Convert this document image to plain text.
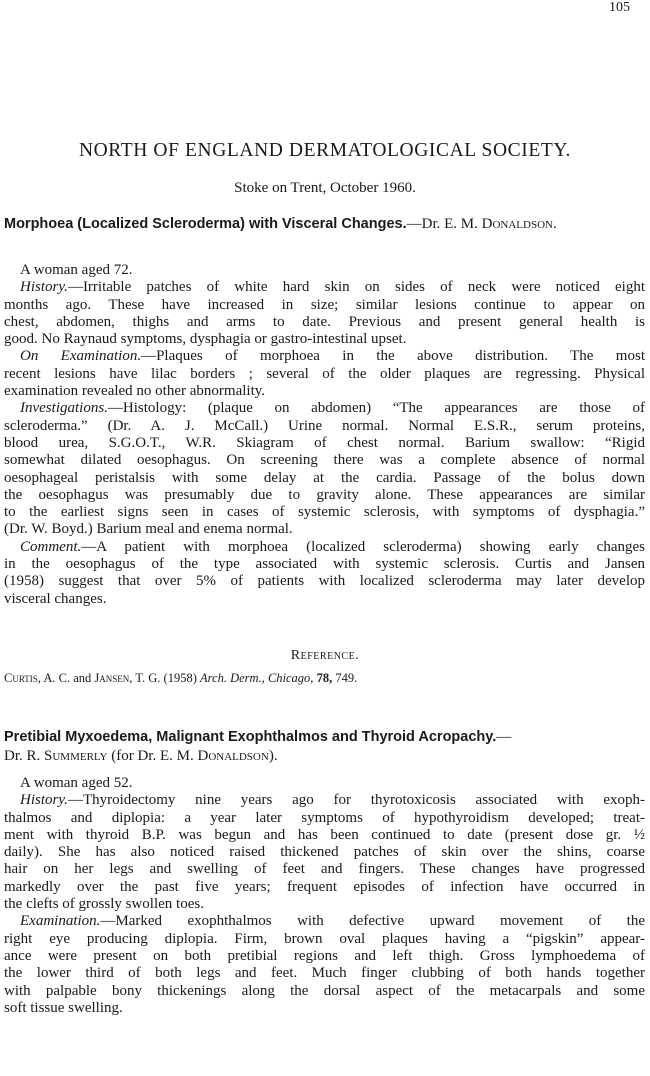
105
NORTH OF ENGLAND DERMATOLOGICAL SOCIETY.
Stoke on Trent, October 1960.
Morphoea (Localized Scleroderma) with Visceral Changes.—Dr. E. M. Donaldson.
A woman aged 72.
History.—Irritable patches of white hard skin on sides of neck were noticed eight
months ago. These have increased in size; similar lesions continue to appear on
chest, abdomen, thighs and arms to date. Previous and present general health is
good. No Raynaud symptoms, dysphagia or gastro-intestinal upset.
On Examination.—Plaques of morphoea in the above distribution. The most
recent lesions have lilac borders ; several of the older plaques are regressing. Physical
examination revealed no other abnormality.
Investigations.—Histology: (plaque on abdomen) “The appearances are those of
scleroderma.” (Dr. A. J. McCall.) Urine normal. Normal E.S.R., serum proteins,
blood urea, S.G.O.T., W.R. Skiagram of chest normal. Barium swallow: “Rigid
somewhat dilated oesophagus. On screening there was a complete absence of normal
oesophageal peristalsis with some delay at the cardia. Passage of the bolus down
the oesophagus was presumably due to gravity alone. These appearances are similar
to the earliest signs seen in cases of systemic sclerosis, with symptoms of dysphagia.”
(Dr. W. Boyd.) Barium meal and enema normal.
Comment.—A patient with morphoea (localized scleroderma) showing early changes
in the oesophagus of the type associated with systemic sclerosis. Curtis and Jansen
(1958) suggest that over 5% of patients with localized scleroderma may later develop
visceral changes.
Reference.
Curtis, A. C. and Jansen, T. G. (1958) Arch. Derm., Chicago, 78, 749.
Pretibial Myxoedema, Malignant Exophthalmos and Thyroid Acropachy.—
Dr. R. Summerly (for Dr. E. M. Donaldson).
A woman aged 52.
History.—Thyroidectomy nine years ago for thyrotoxicosis associated with exoph-
thalmos and diplopia: a year later symptoms of hypothyroidism developed; treat-
ment with thyroid B.P. was begun and has been continued to date (present dose gr. ½
daily). She has also noticed raised thickened patches of skin over the shins, coarse
hair on her legs and swelling of feet and fingers. These changes have progressed
markedly over the past five years; frequent episodes of infection have occurred in
the clefts of grossly swollen toes.
Examination.—Marked exophthalmos with defective upward movement of the
right eye producing diplopia. Firm, brown oval plaques having a “pigskin” appear-
ance were present on both pretibial regions and left thigh. Gross lymphoedema of
the lower third of both legs and feet. Much finger clubbing of both hands together
with palpable bony thickenings along the dorsal aspect of the metacarpals and some
soft tissue swelling.
